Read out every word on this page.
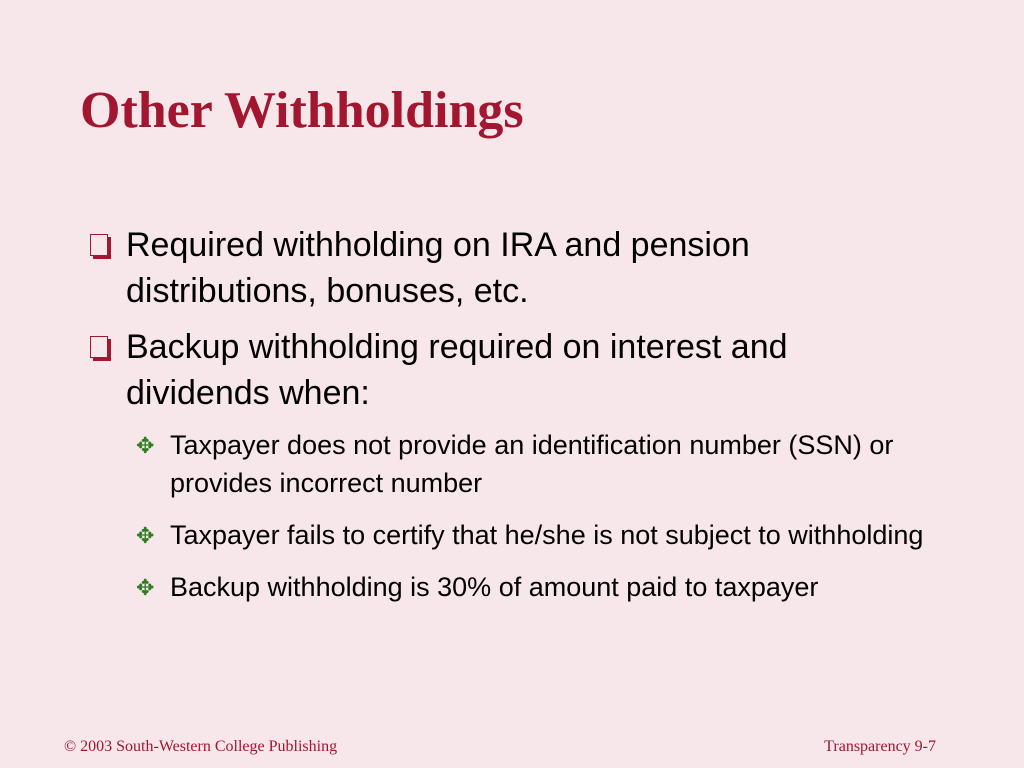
Other Withholdings
Required withholding on IRA and pension distributions, bonuses, etc.
Backup withholding required on interest and dividends when:
✥ Taxpayer does not provide an identification number (SSN) or provides incorrect number
✥ Taxpayer fails to certify that he/she is not subject to withholding
✥ Backup withholding is 30% of amount paid to taxpayer
© 2003 South-Western College Publishing	Transparency 9-7
